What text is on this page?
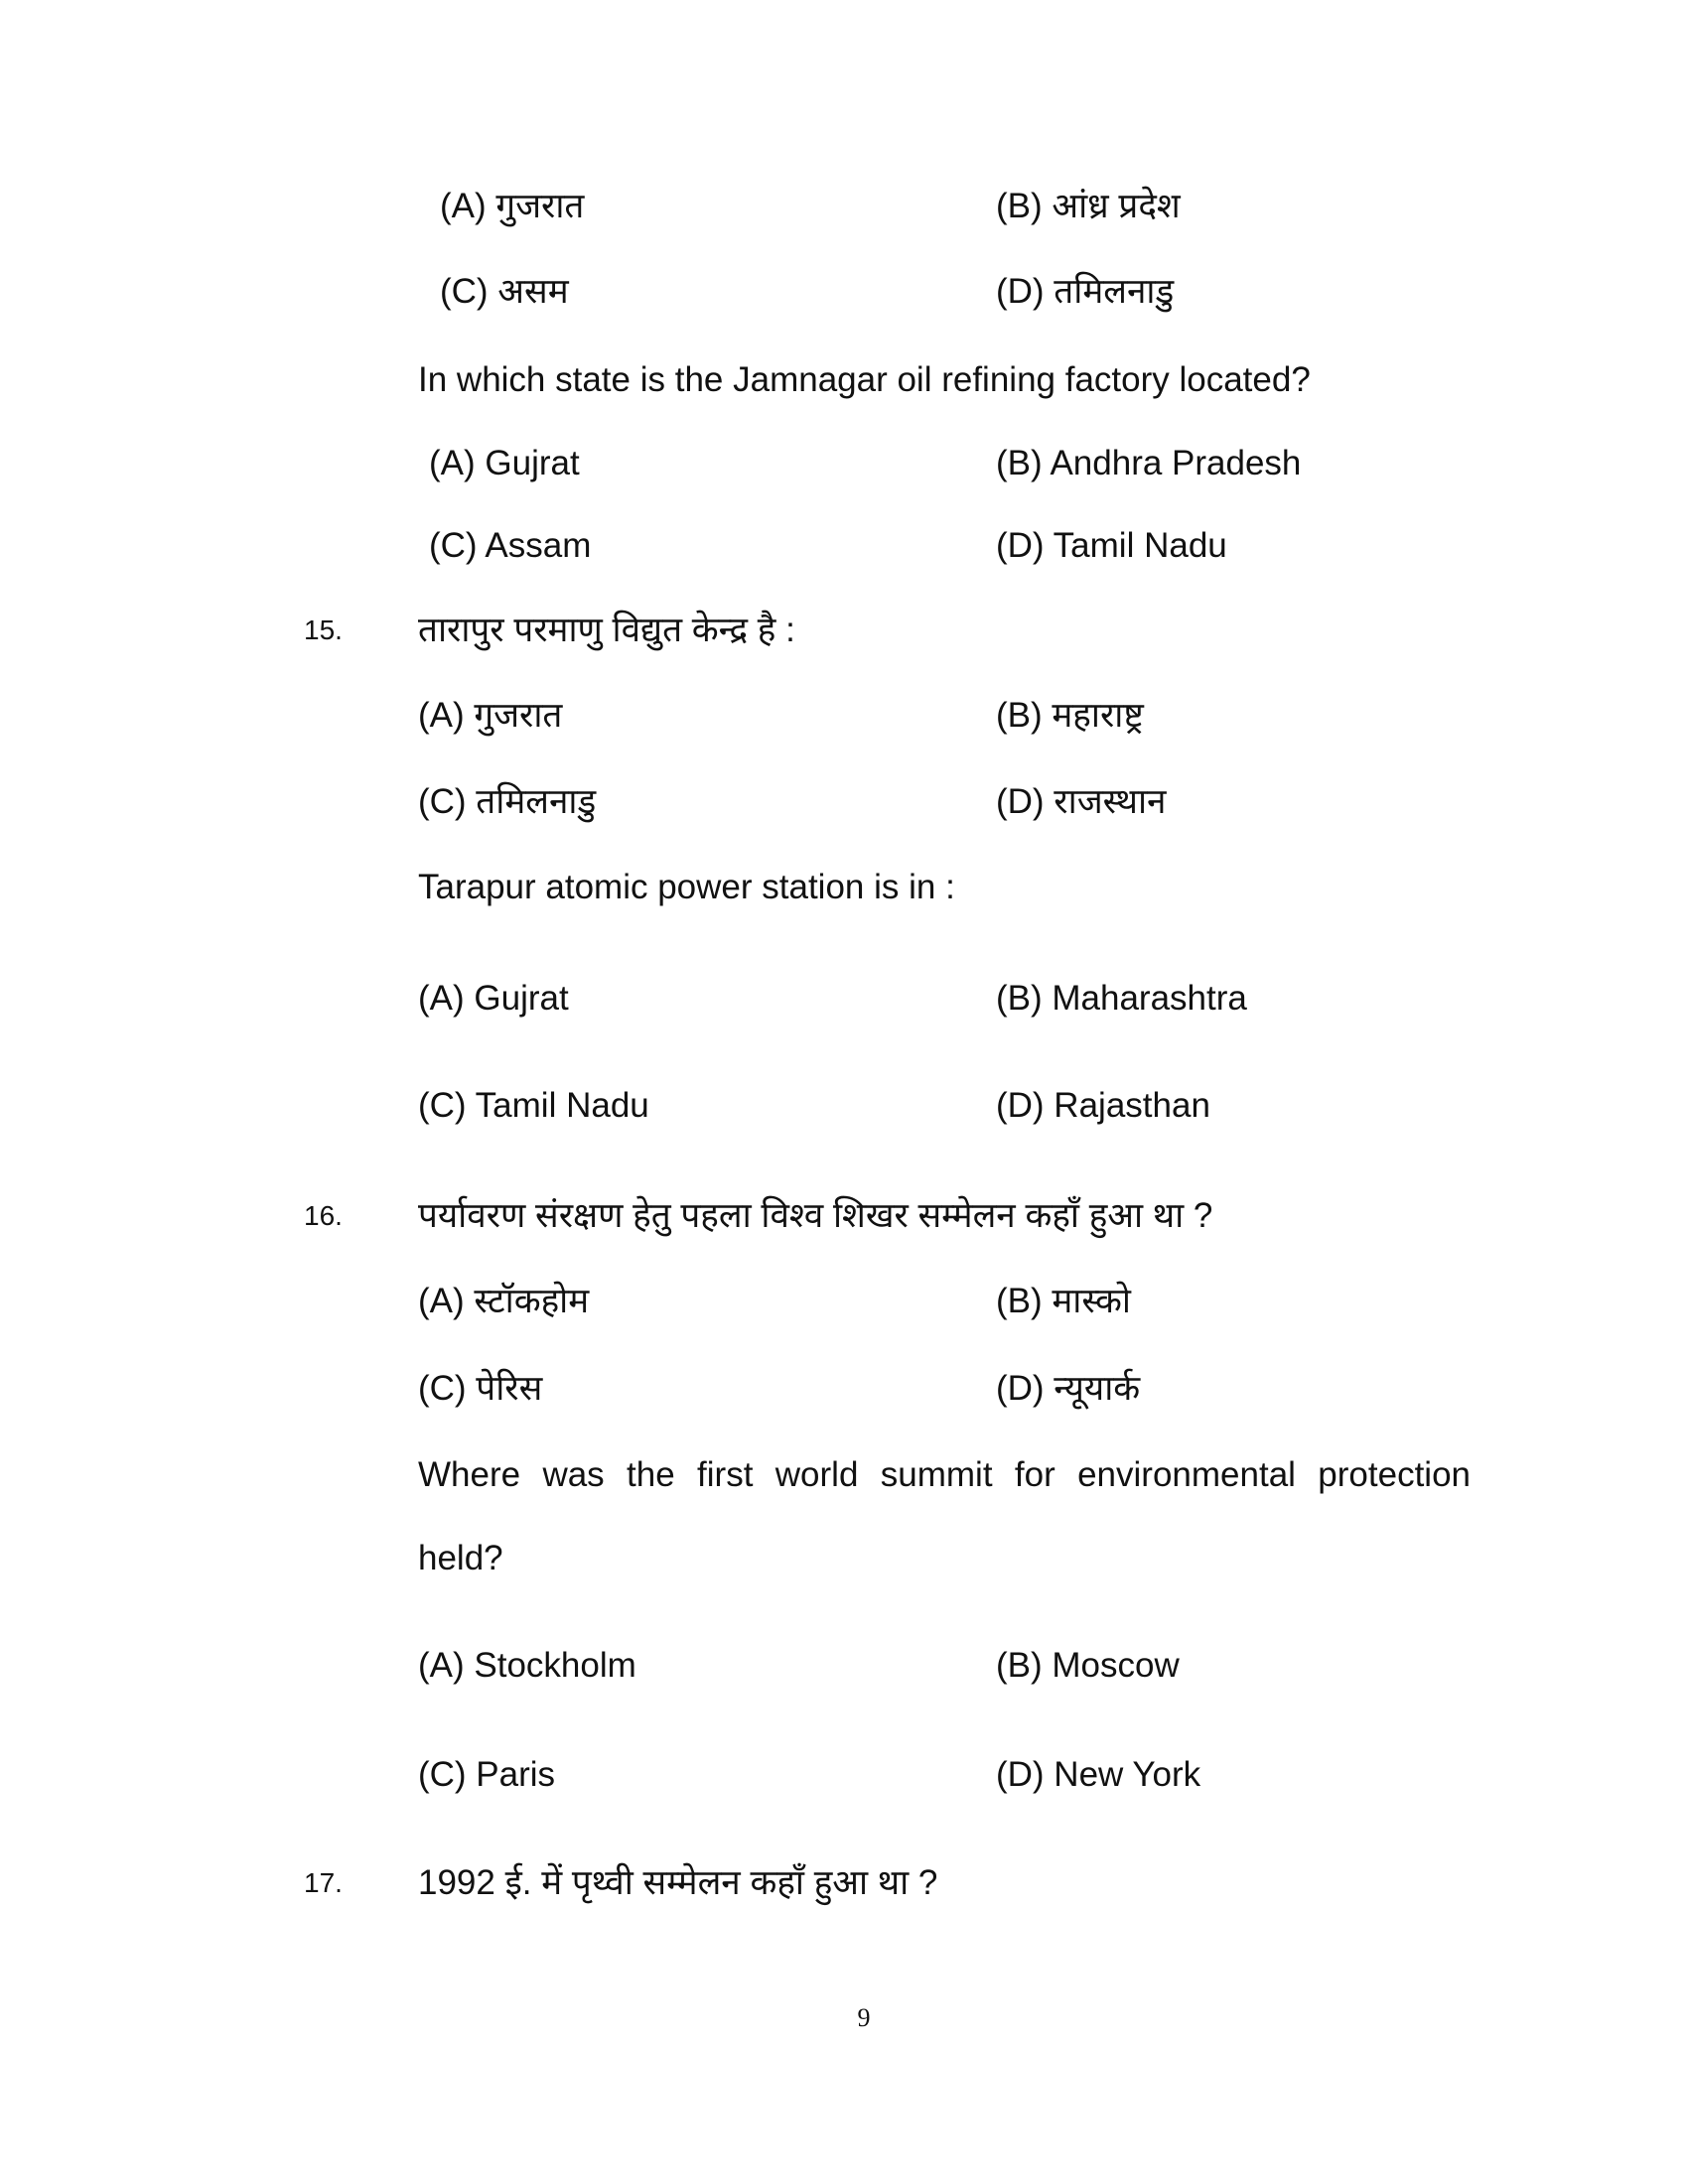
(A) गुजरात	(B) आंध्र प्रदेश
(C) असम	(D) तमिलनाडु
In which state is the Jamnagar oil refining factory located?
(A) Gujrat	(B) Andhra Pradesh
(C) Assam	(D) Tamil Nadu
15. तारापुर परमाणु विद्युत केन्द्र है :
(A) गुजरात	(B) महाराष्ट्र
(C) तमिलनाडु	(D) राजस्थान
Tarapur atomic power station is in :
(A) Gujrat	(B) Maharashtra
(C) Tamil Nadu	(D) Rajasthan
16. पर्यावरण संरक्षण हेतु पहला विश्व शिखर सम्मेलन कहाँ हुआ था ?
(A) स्टॉकहोम	(B) मास्को
(C) पेरिस	(D) न्यूयार्क
Where was the first world summit for environmental protection
held?
(A) Stockholm	(B) Moscow
(C) Paris	(D) New York
17. 1992 ई. में पृथ्वी सम्मेलन कहाँ हुआ था ?
9
